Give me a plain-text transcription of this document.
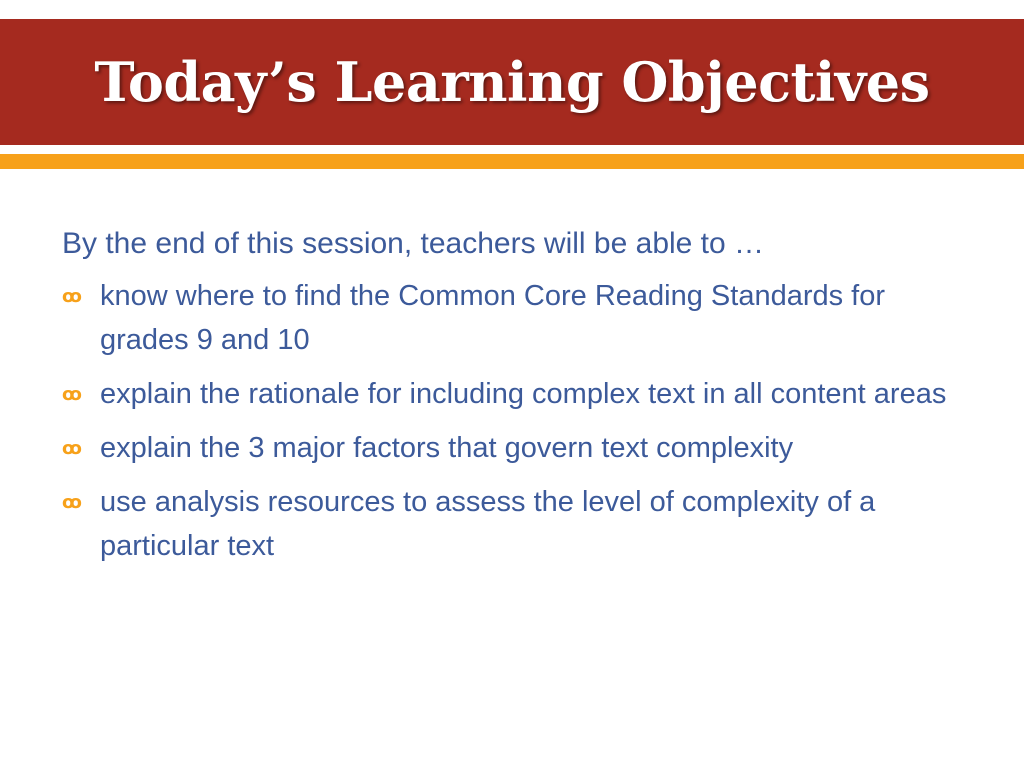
Today’s Learning Objectives

By the end of this session, teachers will be able to …

ꝏ know where to find the Common Core Reading Standards for grades 9 and 10
ꝏ explain the rationale for including complex text in all content areas
ꝏ explain the 3 major factors that govern text complexity
ꝏ use analysis resources to assess the level of complexity of a particular text
